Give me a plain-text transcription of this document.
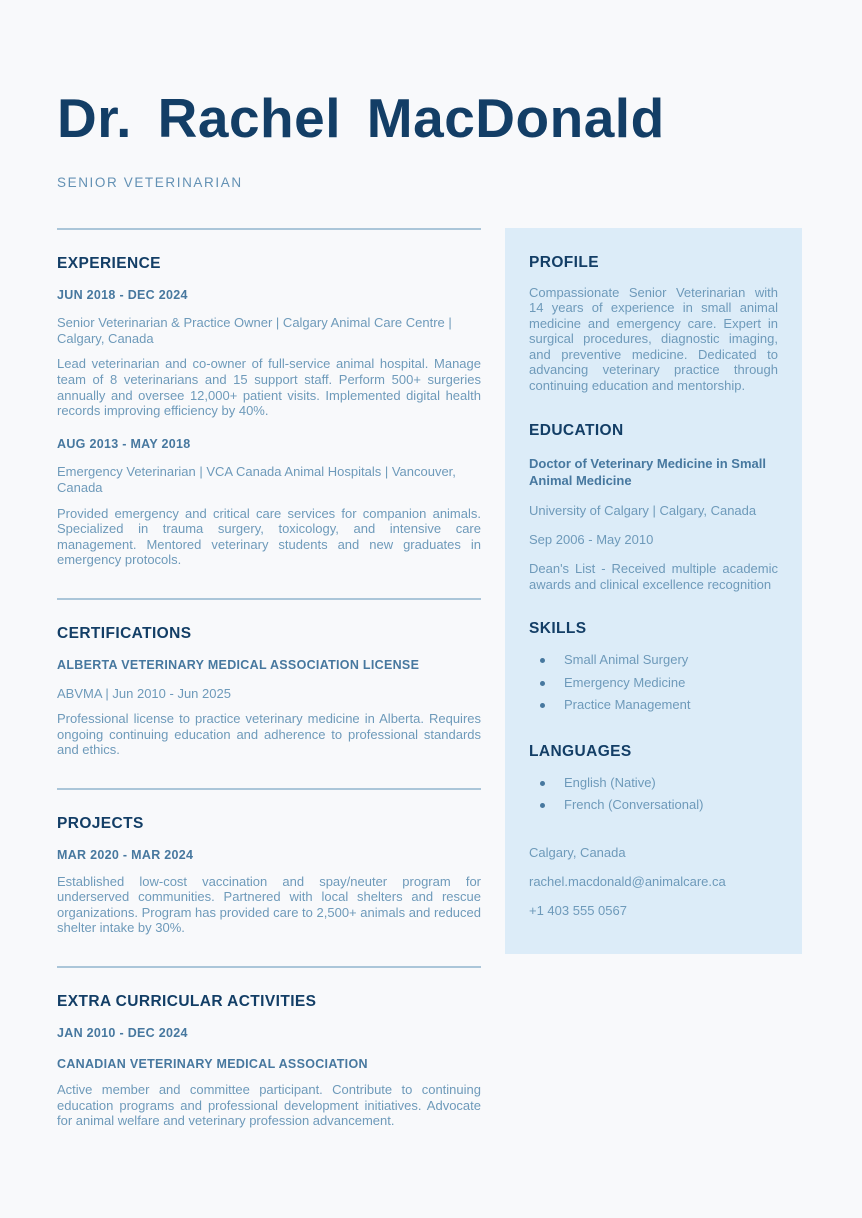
Dr. Rachel MacDonald
SENIOR VETERINARIAN
EXPERIENCE
JUN 2018 - DEC 2024
Senior Veterinarian & Practice Owner | Calgary Animal Care Centre | Calgary, Canada

Lead veterinarian and co-owner of full-service animal hospital. Manage team of 8 veterinarians and 15 support staff. Perform 500+ surgeries annually and oversee 12,000+ patient visits. Implemented digital health records improving efficiency by 40%.

AUG 2013 - MAY 2018
Emergency Veterinarian | VCA Canada Animal Hospitals | Vancouver, Canada

Provided emergency and critical care services for companion animals. Specialized in trauma surgery, toxicology, and intensive care management. Mentored veterinary students and new graduates in emergency protocols.

CERTIFICATIONS
ALBERTA VETERINARY MEDICAL ASSOCIATION LICENSE
ABVMA | Jun 2010 - Jun 2025

Professional license to practice veterinary medicine in Alberta. Requires ongoing continuing education and adherence to professional standards and ethics.

PROJECTS
MAR 2020 - MAR 2024

Established low-cost vaccination and spay/neuter program for underserved communities. Partnered with local shelters and rescue organizations. Program has provided care to 2,500+ animals and reduced shelter intake by 30%.

EXTRA CURRICULAR ACTIVITIES
JAN 2010 - DEC 2024
CANADIAN VETERINARY MEDICAL ASSOCIATION

Active member and committee participant. Contribute to continuing education programs and professional development initiatives. Advocate for animal welfare and veterinary profession advancement.

PROFILE

Compassionate Senior Veterinarian with 14 years of experience in small animal medicine and emergency care. Expert in surgical procedures, diagnostic imaging, and preventive medicine. Dedicated to advancing veterinary practice through continuing education and mentorship.

EDUCATION
Doctor of Veterinary Medicine in Small Animal Medicine
University of Calgary | Calgary, Canada
Sep 2006 - May 2010

Dean's List - Received multiple academic awards and clinical excellence recognition

SKILLS
Small Animal Surgery
Emergency Medicine
Practice Management
LANGUAGES
English (Native)
French (Conversational)
Calgary, Canada
rachel.macdonald@animalcare.ca
+1 403 555 0567
